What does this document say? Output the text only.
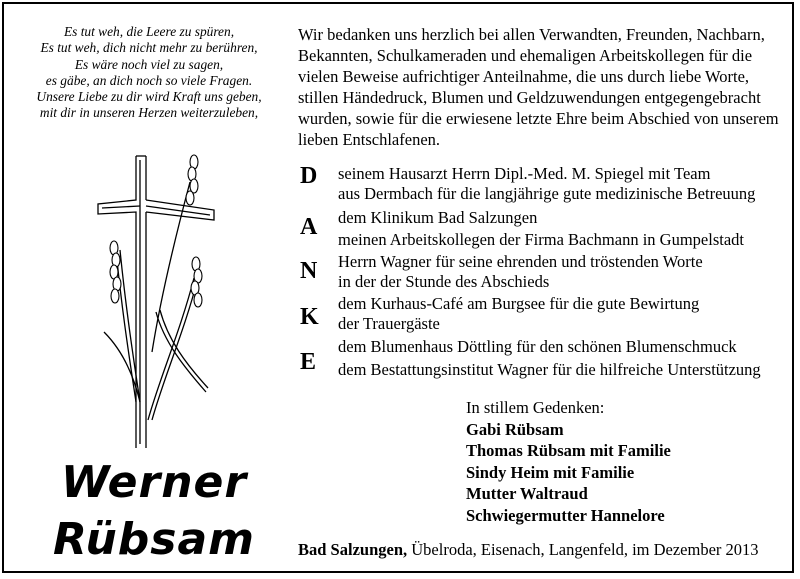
Es tut weh, die Leere zu spüren,
Es tut weh, dich nicht mehr zu berühren,
Es wäre noch viel zu sagen,
es gäbe, an dich noch so viele Fragen.
Unsere Liebe zu dir wird Kraft uns geben,
mit dir in unseren Herzen weiterzuleben,
Werner
Rübsam
Wir bedanken uns herzlich bei allen Verwandten, Freunden, Nachbarn,
Bekannten, Schulkameraden und ehemaligen Arbeitskollegen für die
vielen Beweise aufrichtiger Anteilnahme, die uns durch liebe Worte,
stillen Händedruck, Blumen und Geldzuwendungen entgegengebracht
wurden, sowie für die erwiesene letzte Ehre beim Abschied von unserem
lieben Entschlafenen.
D
A
N
K
E
seinem Hausarzt Herrn Dipl.-Med. M. Spiegel mit Team
aus Dermbach für die langjährige gute medizinische Betreuung
dem Klinikum Bad Salzungen
meinen Arbeitskollegen der Firma Bachmann in Gumpelstadt
Herrn Wagner für seine ehrenden und tröstenden Worte
in der der Stunde des Abschieds
dem Kurhaus-Café am Burgsee für die gute Bewirtung
der Trauergäste
dem Blumenhaus Döttling für den schönen Blumenschmuck
dem Bestattungsinstitut Wagner für die hilfreiche Unterstützung
In stillem Gedenken:
Gabi Rübsam
Thomas Rübsam mit Familie
Sindy Heim mit Familie
Mutter Waltraud
Schwiegermutter Hannelore
Bad Salzungen, Übelroda, Eisenach, Langenfeld, im Dezember 2013
